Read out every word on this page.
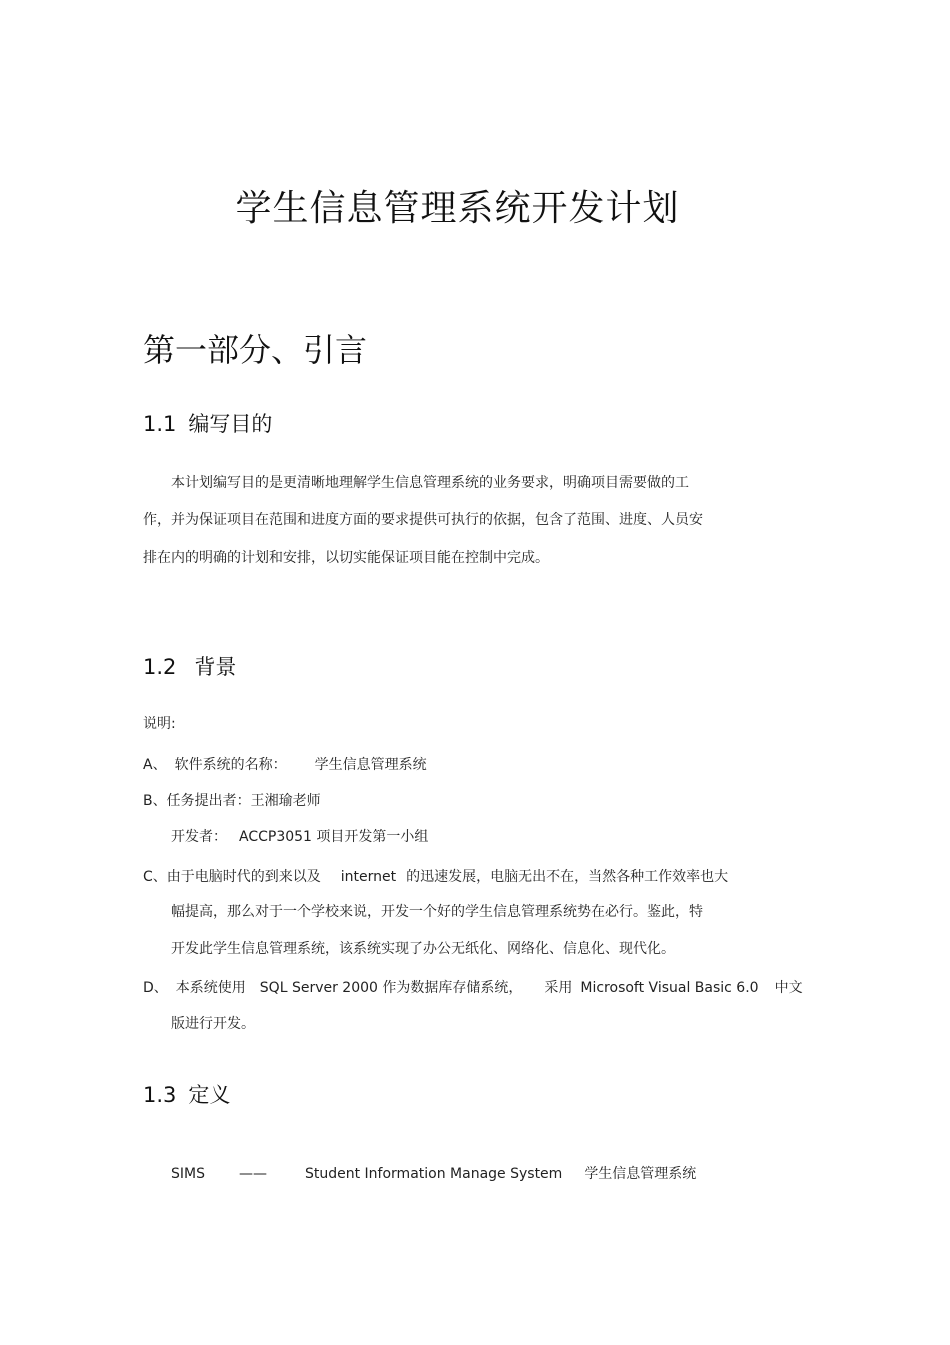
学生信息管理系统开发计划
第一部分、引言
1.1 编写目的
本计划编写目的是更清晰地理解学生信息管理系统的业务要求，明确项目需要做的工
作，并为保证项目在范围和进度方面的要求提供可执行的依据，包含了范围、进度、人员安
排在内的明确的计划和安排，以切实能保证项目能在控制中完成。
1.2 背景
说明:
A、 软件系统的名称： 学生信息管理系统
B、任务提出者：王湘瑜老师
开发者： ACCP3051 项目开发第一小组
C、由于电脑时代的到来以及 internet 的迅速发展，电脑无出不在，当然各种工作效率也大
幅提高，那么对于一个学校来说，开发一个好的学生信息管理系统势在必行。鉴此，特
开发此学生信息管理系统，该系统实现了办公无纸化、网络化、信息化、现代化。
D、 本系统使用 SQL Server 2000 作为数据库存储系统， 采用 Microsoft Visual Basic 6.0 中文
版进行开发。
1.3 定义
SIMS ——	Student Information Manage System 学生信息管理系统
